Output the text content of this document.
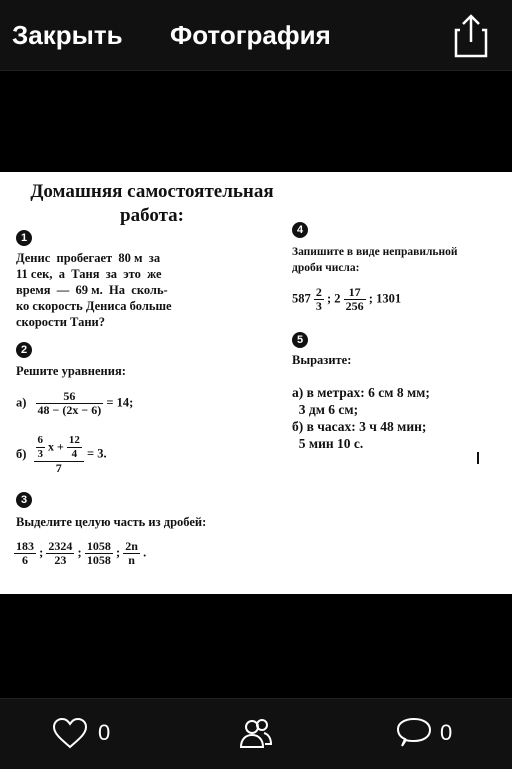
Закрыть Фотография
Домашняя самостоятельная
работа:
1
Денис  пробегает  80 м  за
11 сек,  а  Таня  за  это  же
время  —  69 м.  На  сколь-
ко скорость Дениса больше
скорости Тани?
2
Решите уравнения:
$а) \frac{56}{48 - (2x - 6)} = 14$;
$б) \frac{6}{3}$ $x + \frac{12}{4}$
7
= 3.
3
Выделите целую часть из дробей:
$\frac{183}{6}$ ; $\frac{2324}{23}$ ; $\frac{1058}{1058}$ ; $\frac{2n}{n}$ .
4
Запишите в виде неправильной
дроби числа:
$587 \frac{2}{3}$ ; $2 \frac{17}{256}$ ; 1301
5
Выразите:
а) в метрах: 6 см 8 мм;
3 дм 6 см;
б) в часах: 3 ч 48 мин;
5 мин 10 с.
0	0
